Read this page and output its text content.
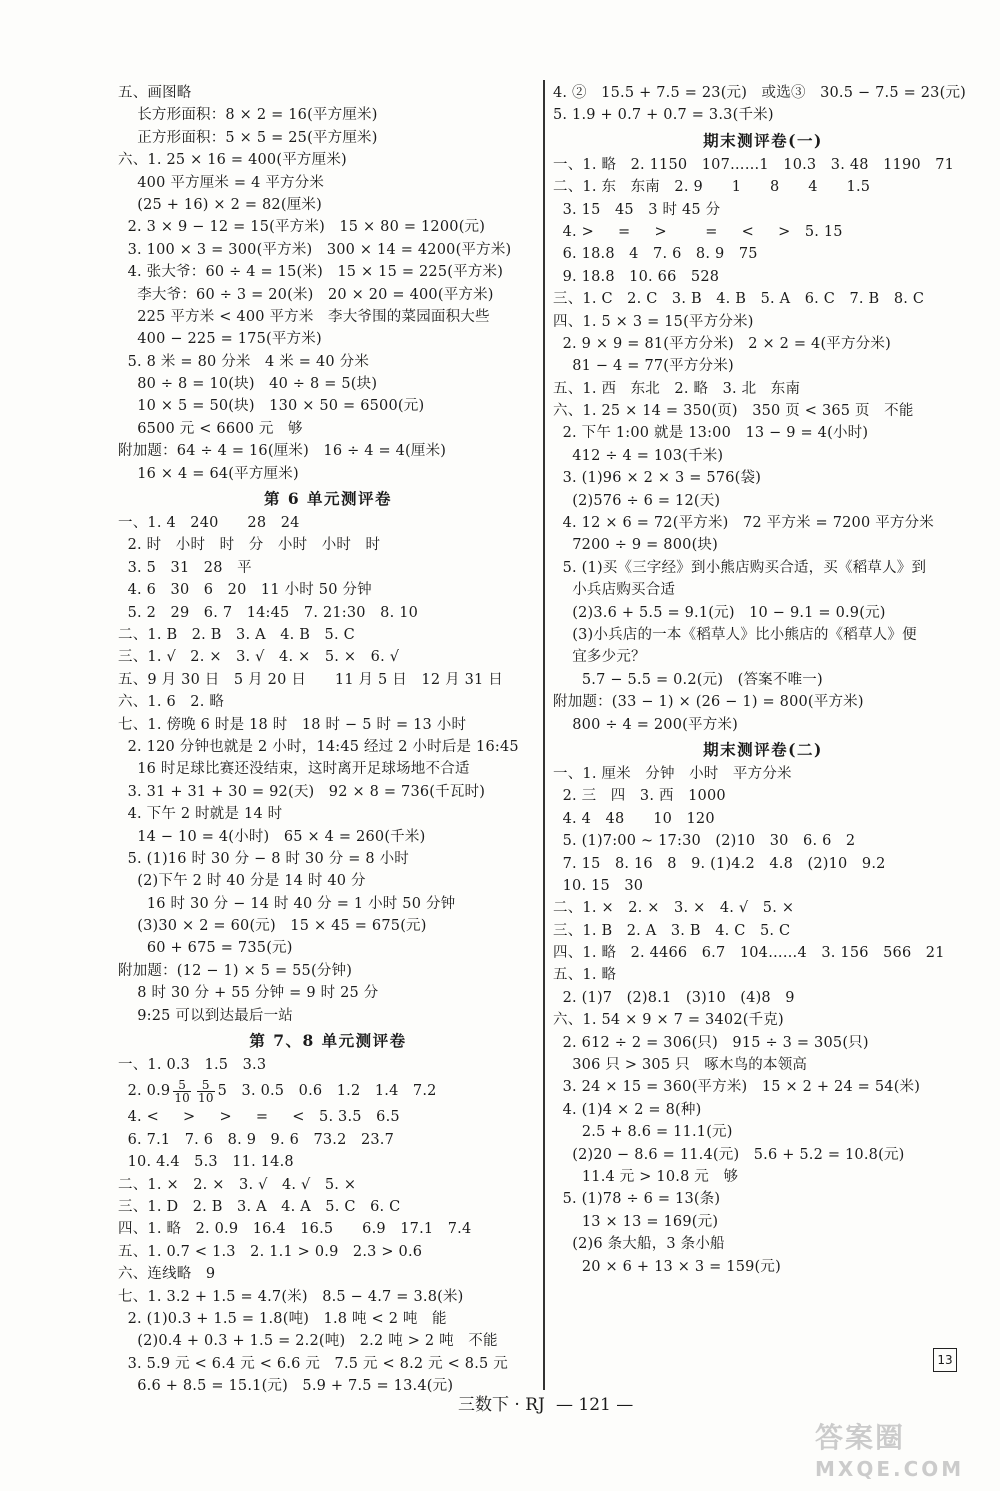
五、画图略
长方形面积：8 × 2 = 16(平方厘米)
正方形面积：5 × 5 = 25(平方厘米)
六、1. 25 × 16 = 400(平方厘米)
400 平方厘米 = 4 平方分米
(25 + 16) × 2 = 82(厘米)
2. 3 × 9 − 12 = 15(平方米)   15 × 80 = 1200(元)
3. 100 × 3 = 300(平方米)   300 × 14 = 4200(平方米)
4. 张大爷：60 ÷ 4 = 15(米)   15 × 15 = 225(平方米)
李大爷：60 ÷ 3 = 20(米)   20 × 20 = 400(平方米)
225 平方米 < 400 平方米   李大爷围的菜园面积大些
400 − 225 = 175(平方米)
5. 8 米 = 80 分米   4 米 = 40 分米
80 ÷ 8 = 10(块)   40 ÷ 8 = 5(块)
10 × 5 = 50(块)   130 × 50 = 6500(元)
6500 元 < 6600 元   够
附加题：64 ÷ 4 = 16(厘米)   16 ÷ 4 = 4(厘米)
16 × 4 = 64(平方厘米)
第 6 单元测评卷
一、1. 4   240      28   24
2. 时   小时   时   分   小时   小时   时
3. 5   31   28   平
4. 6   30   6   20   11 小时 50 分钟
5. 2   29   6. 7   14:45   7. 21:30   8. 10
二、1. B   2. B   3. A   4. B   5. C
三、1. √   2. ×   3. √   4. ×   5. ×   6. √
五、9 月 30 日   5 月 20 日      11 月 5 日   12 月 31 日
六、1. 6   2. 略
七、1. 傍晚 6 时是 18 时   18 时 − 5 时 = 13 小时
2. 120 分钟也就是 2 小时，14:45 经过 2 小时后是 16:45
16 时足球比赛还没结束，这时离开足球场地不合适
3. 31 + 31 + 30 = 92(天)   92 × 8 = 736(千瓦时)
4. 下午 2 时就是 14 时
14 − 10 = 4(小时)   65 × 4 = 260(千米)
5. (1)16 时 30 分 − 8 时 30 分 = 8 小时
(2)下午 2 时 40 分是 14 时 40 分
16 时 30 分 − 14 时 40 分 = 1 小时 50 分钟
(3)30 × 2 = 60(元)   15 × 45 = 675(元)
60 + 675 = 735(元)
附加题：(12 − 1) × 5 = 55(分钟)
8 时 30 分 + 55 分钟 = 9 时 25 分
9:25 可以到达最后一站
第 7、8 单元测评卷
一、1. 0.3   1.5   3.3
2. $0.9 \frac{5}{10} \frac{5}{10} 5$   3. 0.5   0.6   1.2   1.4   7.2
4. <     >     >     =     <   5. 3.5   6.5
6. 7.1   7. 6   8. 9   9. 6   73.2   23.7
10. 4.4   5.3   11. 14.8
二、1. ×   2. ×   3. √   4. √   5. ×
三、1. D   2. B   3. A   4. A   5. C   6. C
四、1. 略   2. 0.9   16.4   16.5      6.9   17.1   7.4
五、1. 0.7 < 1.3   2. 1.1 > 0.9   2.3 > 0.6
六、连线略   9
七、1. 3.2 + 1.5 = 4.7(米)   8.5 − 4.7 = 3.8(米)
2. (1)0.3 + 1.5 = 1.8(吨)   1.8 吨 < 2 吨   能
(2)0.4 + 0.3 + 1.5 = 2.2(吨)   2.2 吨 > 2 吨   不能
3. 5.9 元 < 6.4 元 < 6.6 元   7.5 元 < 8.2 元 < 8.5 元
6.6 + 8.5 = 15.1(元)   5.9 + 7.5 = 13.4(元)
4. ②   15.5 + 7.5 = 23(元)   或选③   30.5 − 7.5 = 23(元)
5. 1.9 + 0.7 + 0.7 = 3.3(千米)
期末测评卷(一)
一、1. 略   2. 1150   107……1   10.3   3. 48   1190   71
二、1. 东   东南   2. 9      1      8      4      1.5
3. 15   45   3 时 45 分
4. >     =     >        =     <     >   5. 15
6. 18.8   4   7. 6   8. 9   75
9. 18.8   10. 66   528
三、1. C   2. C   3. B   4. B   5. A   6. C   7. B   8. C
四、1. 5 × 3 = 15(平方分米)
2. 9 × 9 = 81(平方分米)   2 × 2 = 4(平方分米)
81 − 4 = 77(平方分米)
五、1. 西   东北   2. 略   3. 北   东南
六、1. 25 × 14 = 350(页)   350 页 < 365 页   不能
2. 下午 1:00 就是 13:00   13 − 9 = 4(小时)
412 ÷ 4 = 103(千米)
3. (1)96 × 2 × 3 = 576(袋)
(2)576 ÷ 6 = 12(天)
4. 12 × 6 = 72(平方米)   72 平方米 = 7200 平方分米
7200 ÷ 9 = 800(块)
5. (1)买《三字经》到小熊店购买合适，买《稻草人》到
小兵店购买合适
(2)3.6 + 5.5 = 9.1(元)   10 − 9.1 = 0.9(元)
(3)小兵店的一本《稻草人》比小熊店的《稻草人》便
宜多少元？
5.7 − 5.5 = 0.2(元)   (答案不唯一)
附加题：(33 − 1) × (26 − 1) = 800(平方米)
800 ÷ 4 = 200(平方米)
期末测评卷(二)
一、1. 厘米   分钟   小时   平方分米
2. 三   四   3. 西   1000
4. 4   48      10   120
5. (1)7:00 ~ 17:30   (2)10   30   6. 6   2
7. 15   8. 16   8   9. (1)4.2   4.8   (2)10   9.2
10. 15   30
二、1. ×   2. ×   3. ×   4. √   5. ×
三、1. B   2. A   3. B   4. C   5. C
四、1. 略   2. 4466   6.7   104……4   3. 156   566   21
五、1. 略
2. (1)7   (2)8.1   (3)10   (4)8   9
六、1. 54 × 9 × 7 = 3402(千克)
2. 612 ÷ 2 = 306(只)   915 ÷ 3 = 305(只)
306 只 > 305 只   啄木鸟的本领高
3. 24 × 15 = 360(平方米)   15 × 2 + 24 = 54(米)
4. (1)4 × 2 = 8(种)
2.5 + 8.6 = 11.1(元)
(2)20 − 8.6 = 11.4(元)   5.6 + 5.2 = 10.8(元)
11.4 元 > 10.8 元   够
5. (1)78 ÷ 6 = 13(条)
13 × 13 = 169(元)
(2)6 条大船，3 条小船
20 × 6 + 13 × 3 = 159(元)
13
三数下 · RJ — 121 —
答案圈
MXQE.COM
